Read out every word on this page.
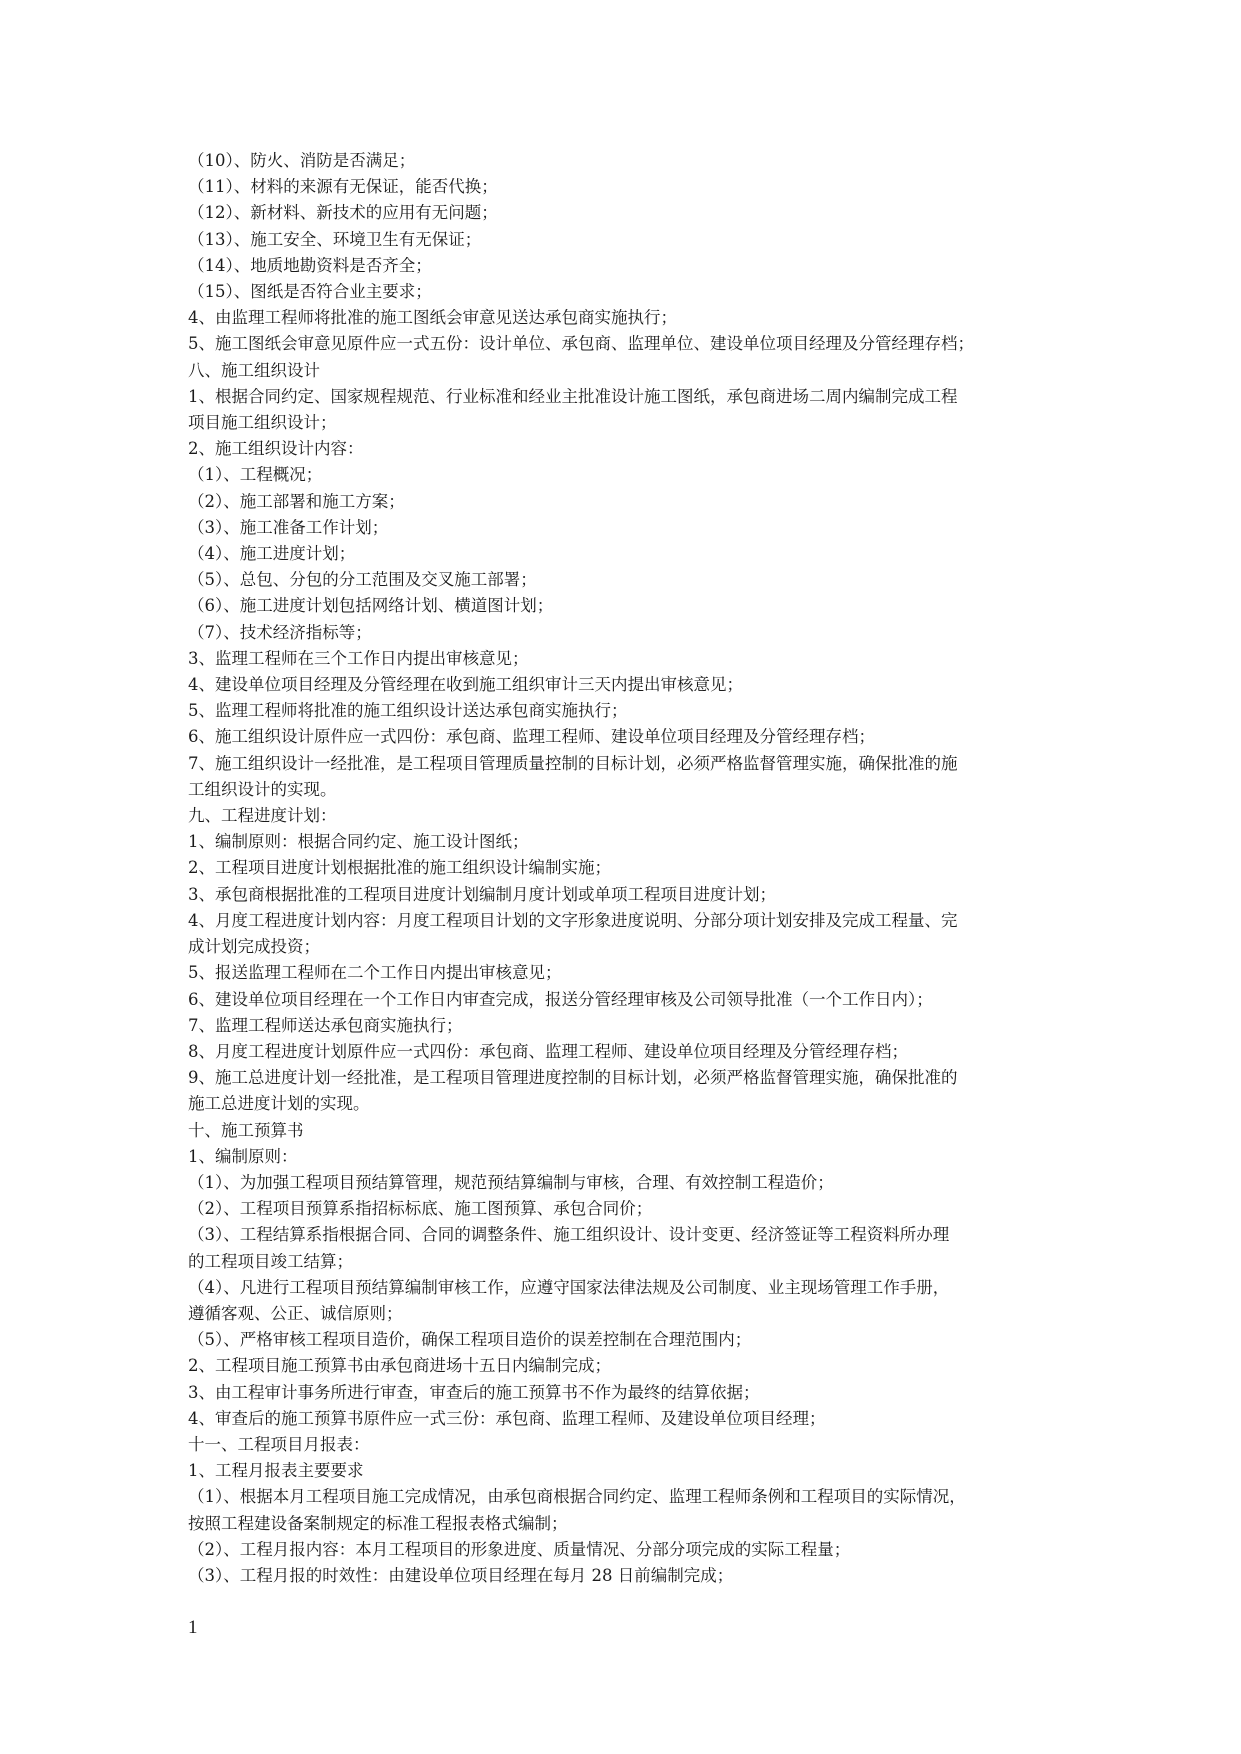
（10）、防火、消防是否满足；
（11）、材料的来源有无保证，能否代换；
（12）、新材料、新技术的应用有无问题；
（13）、施工安全、环境卫生有无保证；
（14）、地质地勘资料是否齐全；
（15）、图纸是否符合业主要求；
4、由监理工程师将批准的施工图纸会审意见送达承包商实施执行；
5、施工图纸会审意见原件应一式五份：设计单位、承包商、监理单位、建设单位项目经理及分管经理存档；
八、施工组织设计
1、根据合同约定、国家规程规范、行业标准和经业主批准设计施工图纸，承包商进场二周内编制完成工程
项目施工组织设计；
2、施工组织设计内容：
（1）、工程概况；
（2）、施工部署和施工方案；
（3）、施工准备工作计划；
（4）、施工进度计划；
（5）、总包、分包的分工范围及交叉施工部署；
（6）、施工进度计划包括网络计划、横道图计划；
（7）、技术经济指标等；
3、监理工程师在三个工作日内提出审核意见；
4、建设单位项目经理及分管经理在收到施工组织审计三天内提出审核意见；
5、监理工程师将批准的施工组织设计送达承包商实施执行；
6、施工组织设计原件应一式四份：承包商、监理工程师、建设单位项目经理及分管经理存档；
7、施工组织设计一经批准，是工程项目管理质量控制的目标计划，必须严格监督管理实施，确保批准的施
工组织设计的实现。
九、工程进度计划：
1、编制原则：根据合同约定、施工设计图纸；
2、工程项目进度计划根据批准的施工组织设计编制实施；
3、承包商根据批准的工程项目进度计划编制月度计划或单项工程项目进度计划；
4、月度工程进度计划内容：月度工程项目计划的文字形象进度说明、分部分项计划安排及完成工程量、完
成计划完成投资；
5、报送监理工程师在二个工作日内提出审核意见；
6、建设单位项目经理在一个工作日内审查完成，报送分管经理审核及公司领导批准（一个工作日内）；
7、监理工程师送达承包商实施执行；
8、月度工程进度计划原件应一式四份：承包商、监理工程师、建设单位项目经理及分管经理存档；
9、施工总进度计划一经批准，是工程项目管理进度控制的目标计划，必须严格监督管理实施，确保批准的
施工总进度计划的实现。
十、施工预算书
1、编制原则：
（1）、为加强工程项目预结算管理，规范预结算编制与审核，合理、有效控制工程造价；
（2）、工程项目预算系指招标标底、施工图预算、承包合同价；
（3）、工程结算系指根据合同、合同的调整条件、施工组织设计、设计变更、经济签证等工程资料所办理
的工程项目竣工结算；
（4）、凡进行工程项目预结算编制审核工作，应遵守国家法律法规及公司制度、业主现场管理工作手册，
遵循客观、公正、诚信原则；
（5）、严格审核工程项目造价，确保工程项目造价的误差控制在合理范围内；
2、工程项目施工预算书由承包商进场十五日内编制完成；
3、由工程审计事务所进行审查，审查后的施工预算书不作为最终的结算依据；
4、审查后的施工预算书原件应一式三份：承包商、监理工程师、及建设单位项目经理；
十一、工程项目月报表：
1、工程月报表主要要求
（1）、根据本月工程项目施工完成情况，由承包商根据合同约定、监理工程师条例和工程项目的实际情况，
按照工程建设备案制规定的标准工程报表格式编制；
（2）、工程月报内容：本月工程项目的形象进度、质量情况、分部分项完成的实际工程量；
（3）、工程月报的时效性：由建设单位项目经理在每月 28 日前编制完成；
1
